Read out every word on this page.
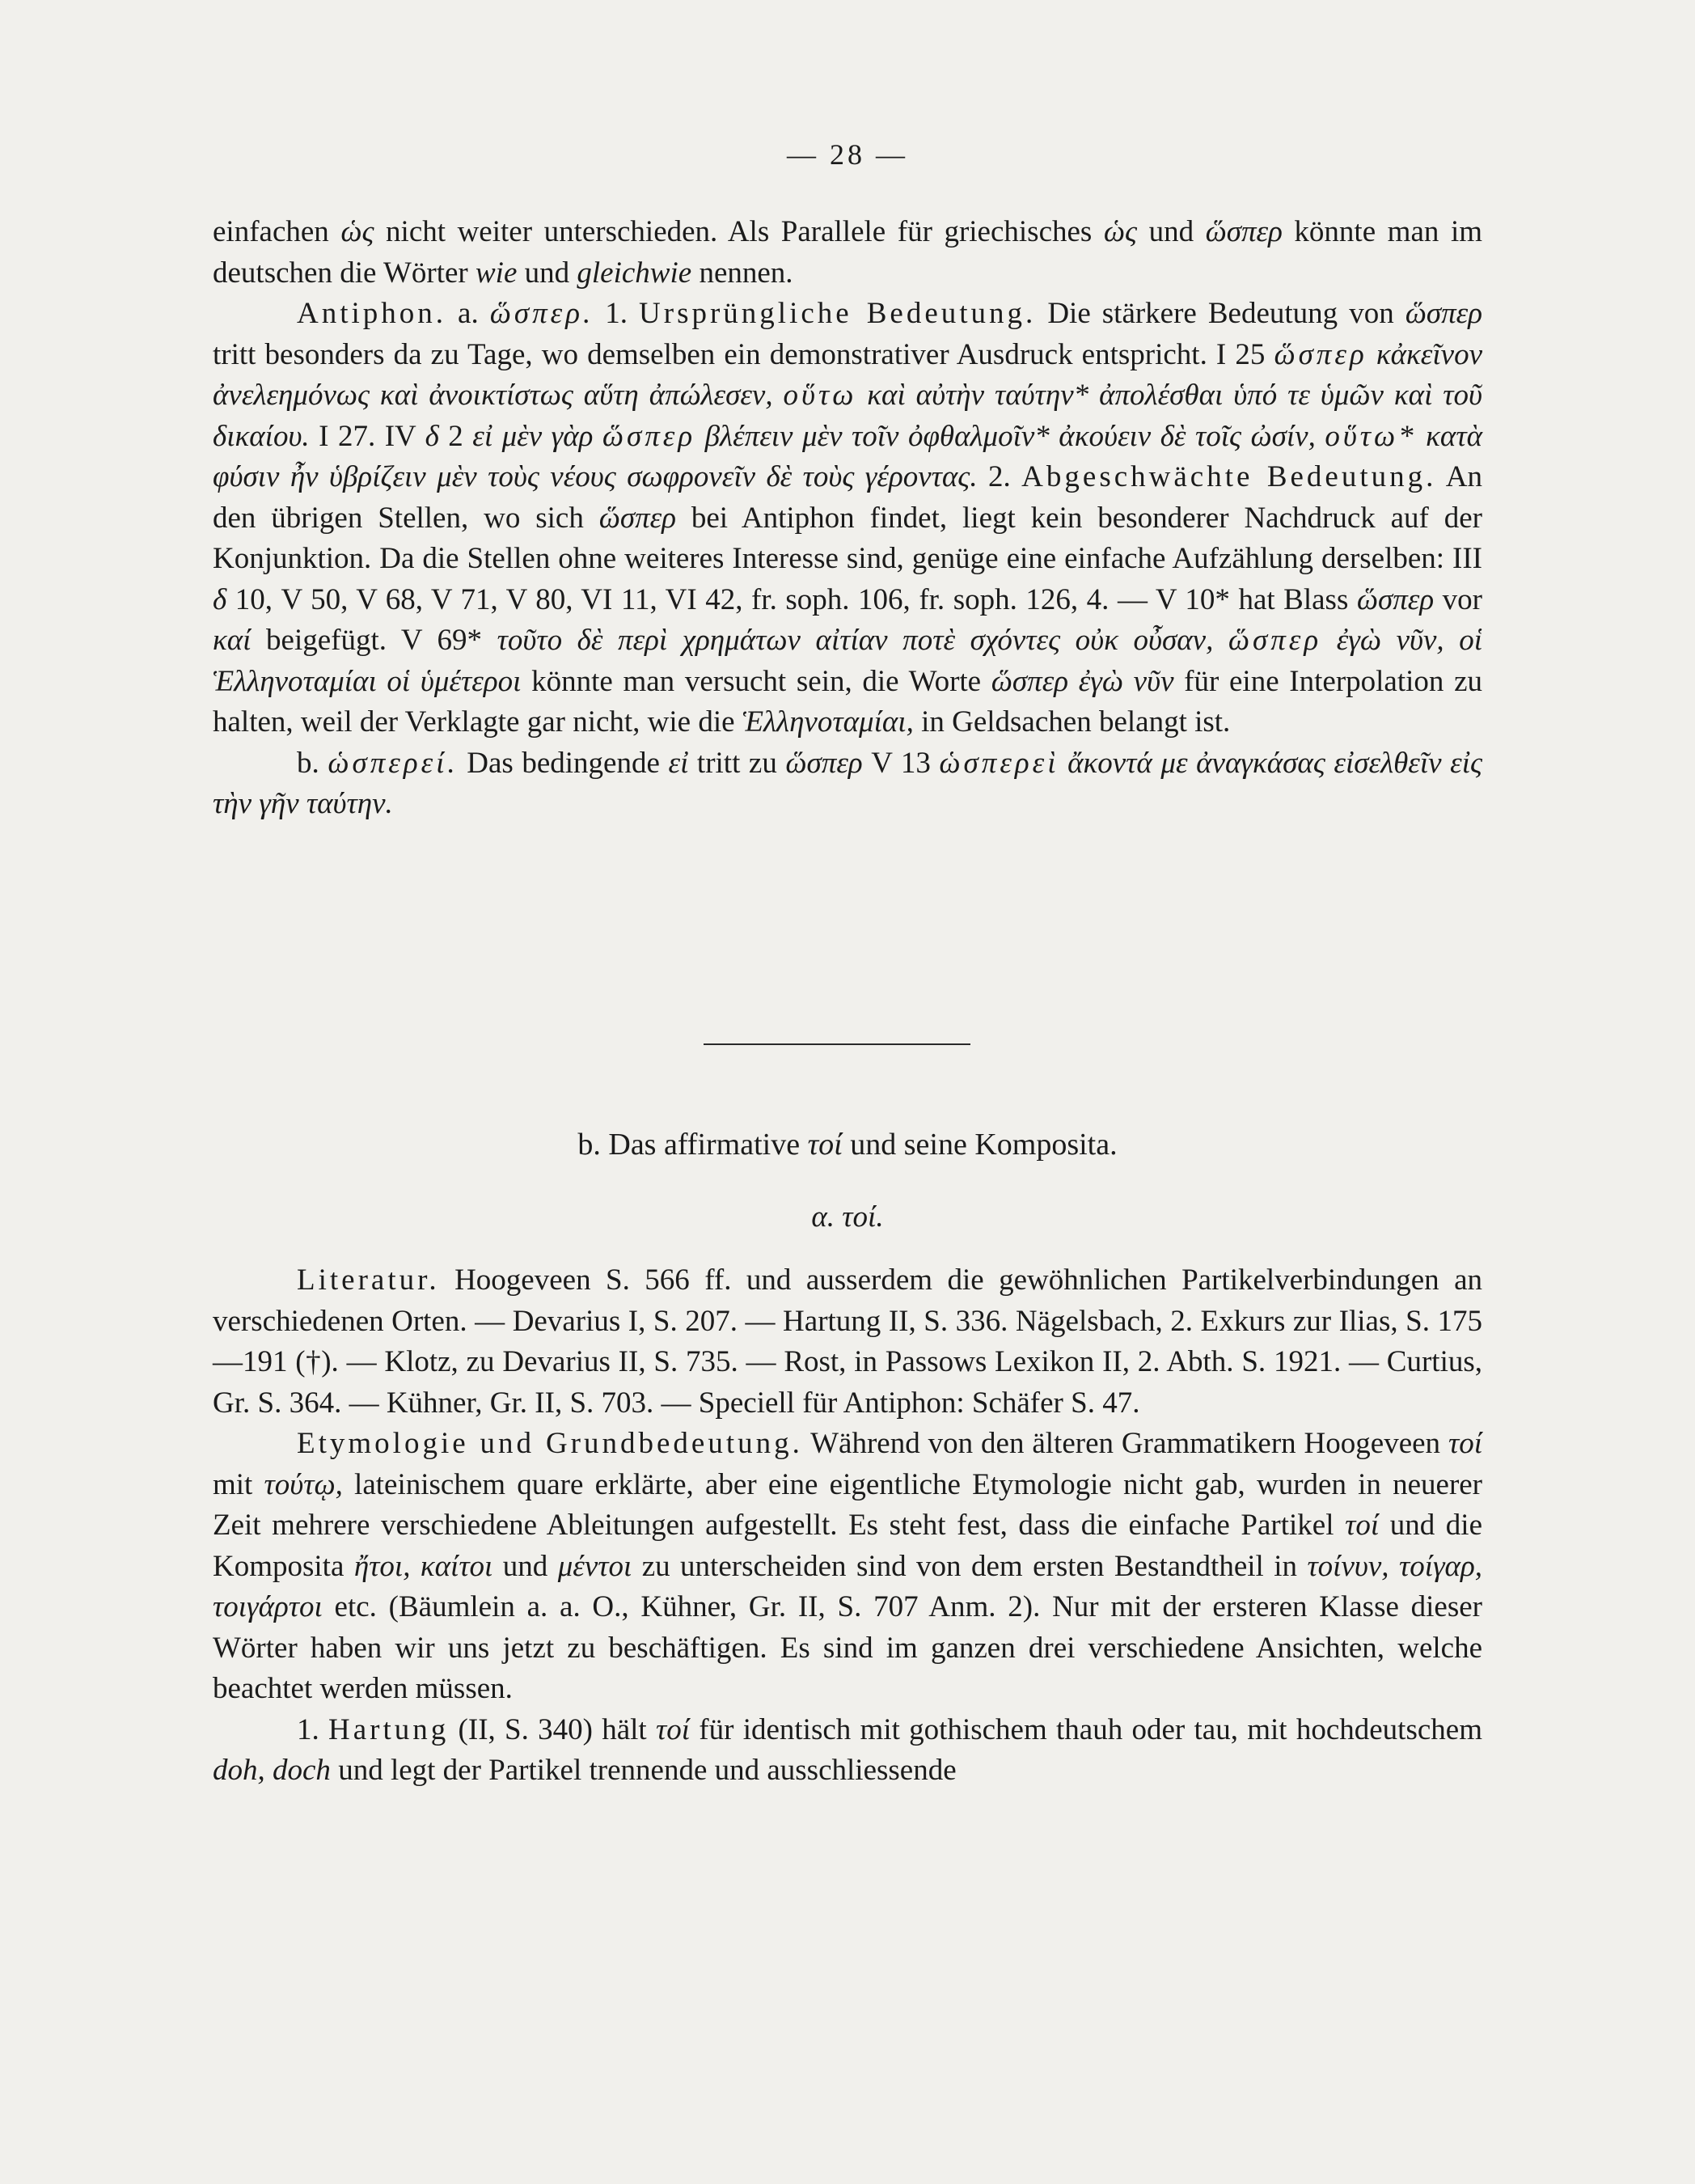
— 28 —

einfachen ὡς nicht weiter unterschieden. Als Parallele für griechisches ὡς und ὥσπερ könnte man im deutschen die Wörter wie und gleichwie nennen.

Antiphon. a. ὥσπερ. 1. Ursprüngliche Bedeutung. Die stärkere Bedeutung von ὥσπερ tritt besonders da zu Tage, wo demselben ein demonstrativer Ausdruck entspricht. I 25 ὥσπερ κἀκεῖνον ἀνελεημόνως καὶ ἀνοικτίστως αὕτη ἀπώλεσεν, οὕτω καὶ αὐτὴν ταύτην* ἀπολέσθαι ὑπό τε ὑμῶν καὶ τοῦ δικαίου. I 27. IV δ 2 εἰ μὲν γὰρ ὥσπερ βλέπειν μὲν τοῖν ὀφθαλμοῖν* ἀκούειν δὲ τοῖς ὠσίν, οὕτω* κατὰ φύσιν ἦν ὑβρίζειν μὲν τοὺς νέους σωφρονεῖν δὲ τοὺς γέροντας. 2. Abgeschwächte Bedeutung. An den übrigen Stellen, wo sich ὥσπερ bei Antiphon findet, liegt kein besonderer Nachdruck auf der Konjunktion. Da die Stellen ohne weiteres Interesse sind, genüge eine einfache Aufzählung derselben: III δ 10, V 50, V 68, V 71, V 80, VI 11, VI 42, fr. soph. 106, fr. soph. 126, 4. — V 10* hat Blass ὥσπερ vor καί beigefügt. V 69* τοῦτο δὲ περὶ χρημάτων αἰτίαν ποτὲ σχόντες οὐκ οὖσαν, ὥσπερ ἐγὼ νῦν, οἱ Ἑλληνοταμίαι οἱ ὑμέτεροι könnte man versucht sein, die Worte ὥσπερ ἐγὼ νῦν für eine Interpolation zu halten, weil der Verklagte gar nicht, wie die Ἑλληνοταμίαι, in Geldsachen belangt ist.

b. ὡσπερεί. Das bedingende εἰ tritt zu ὥσπερ V 13 ὡσπερεὶ ἄκοντά με ἀναγκάσας εἰσελθεῖν εἰς τὴν γῆν ταύτην.

b. Das affirmative τοί und seine Komposita.
α. τοί.

Literatur. Hoogeveen S. 566 ff. und ausserdem die gewöhnlichen Partikelverbindungen an verschiedenen Orten. — Devarius I, S. 207. — Hartung II, S. 336. Nägelsbach, 2. Exkurs zur Ilias, S. 175—191 (†). — Klotz, zu Devarius II, S. 735. — Rost, in Passows Lexikon II, 2. Abth. S. 1921. — Curtius, Gr. S. 364. — Kühner, Gr. II, S. 703. — Speciell für Antiphon: Schäfer S. 47.

Etymologie und Grundbedeutung. Während von den älteren Grammatikern Hoogeveen τοί mit τούτῳ, lateinischem quare erklärte, aber eine eigentliche Etymologie nicht gab, wurden in neuerer Zeit mehrere verschiedene Ableitungen aufgestellt. Es steht fest, dass die einfache Partikel τοί und die Komposita ἤτοι, καίτοι und μέντοι zu unterscheiden sind von dem ersten Bestandtheil in τοίνυν, τοίγαρ, τοιγάρτοι etc. (Bäumlein a. a. O., Kühner, Gr. II, S. 707 Anm. 2). Nur mit der ersteren Klasse dieser Wörter haben wir uns jetzt zu beschäftigen. Es sind im ganzen drei verschiedene Ansichten, welche beachtet werden müssen.

1. Hartung (II, S. 340) hält τοί für identisch mit gothischem thauh oder tau, mit hochdeutschem doh, doch und legt der Partikel trennende und ausschliessende
